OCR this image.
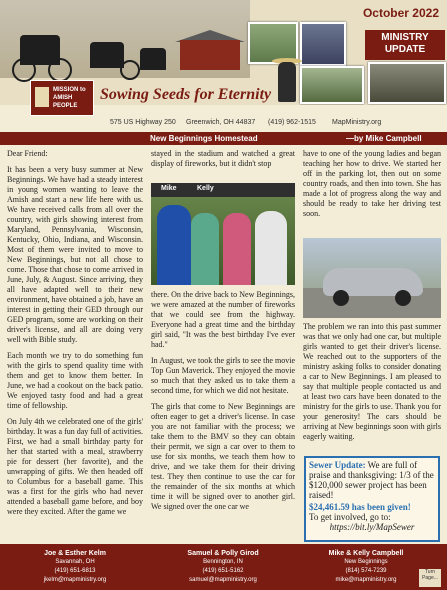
October 2022
MINISTRY
UPDATE
MISSION to
AMISH
PEOPLE
Sowing Seeds for Eternity
575 US Highway 250 Greenwich, OH 44837 (419) 962-1515 MapMinistry.org
New Beginnings Homestead	—by Mike Campbell

Dear Friend:

It has been a very busy summer at New Beginnings. We have had a steady interest in young women wanting to leave the Amish and start a new life here with us. We have received calls from all over the country, with girls showing interest from Maryland, Pennsylvania, Wisconsin, Kentucky, Ohio, Indiana, and Wisconsin. Most of them were invited to move to New Beginnings, but not all chose to come. Those that chose to come arrived in June, July, & August. Since arriving, they all have adapted well to their new environment, have obtained a job, have an interest in getting their GED through our GED program, some are working on their driver's license, and all are doing very well with Bible study.

Each month we try to do something fun with the girls to spend quality time with them and get to know them better. In June, we had a cookout on the back patio. We enjoyed tasty food and had a great time of fellowship.

On July 4th we celebrated one of the girls' birthday. It was a fun day full of activities. First, we had a small birthday party for her that started with a meal, strawberry pie for dessert (her favorite), and the unwrapping of gifts. We then headed off to Columbus for a baseball game. This was a first for the girls who had never attended a baseball game before, and boy were they excited. After the game we

stayed in the stadium and watched a great display of fireworks, but it didn't stop

Mike	Kelly

there. On the drive back to New Beginnings, we were amazed at the number of fireworks that we could see from the highway. Everyone had a great time and the birthday girl said, "It was the best birthday I've ever had."

In August, we took the girls to see the movie Top Gun Maverick. They enjoyed the movie so much that they asked us to take them a second time, for which we did not hesitate.

The girls that come to New Beginnings are often eager to get a driver's license. In case you are not familiar with the process; we take them to the BMV so they can obtain their permit, we sign a car over to them to use for six months, we teach them how to drive, and we take them for their driving test. They then continue to use the car for the remainder of the six months at which time it will be signed over to another girl. We signed over the one car we

have to one of the young ladies and began teaching her how to drive. We started her off in the parking lot, then out on some country roads, and then into town. She has made a lot of progress along the way and should be ready to take her driving test soon.

The problem we ran into this past summer was that we only had one car, but multiple girls wanted to get their driver's license. We reached out to the supporters of the ministry asking folks to consider donating a car to New Beginnings. I am pleased to say that multiple people contacted us and at least two cars have been donated to the ministry for the girls to use. Thank you for your generosity! The cars should be arriving at New beginnings soon with girls eagerly waiting.

Sewer Update: We are full of praise and thanksgiving: 1/3 of the $120,000 sewer project has been raised!
$24,461.59 has been given!
To get involved, go to:
https://bit.ly/MapSewer
Joe & Esther Kelm
Savannah, OH
(419) 651-6813
jkelm@mapministry.org
Samuel & Polly Girod
Bennington, IN
(419) 651-5162
samuel@mapministry.org
Mike & Kelly Campbell
New Beginnings
(814) 574-7239
mike@mapministry.org
Turn
Page...
